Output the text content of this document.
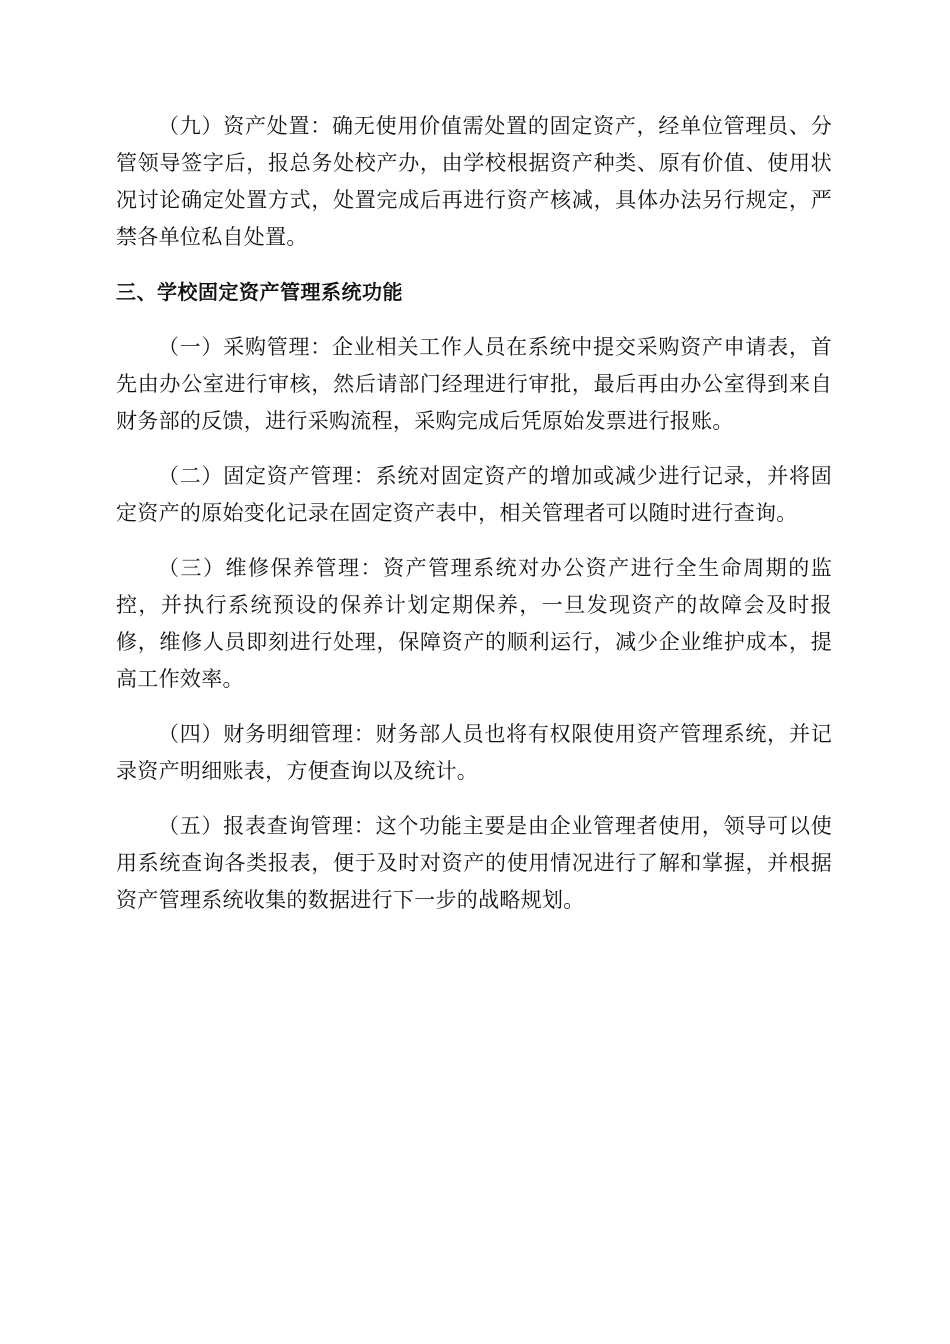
（九）资产处置：确无使用价值需处置的固定资产，经单位管理员、分管领导签字后，报总务处校产办，由学校根据资产种类、原有价值、使用状况讨论确定处置方式，处置完成后再进行资产核减，具体办法另行规定，严禁各单位私自处置。

三、学校固定资产管理系统功能

（一）采购管理：企业相关工作人员在系统中提交采购资产申请表，首先由办公室进行审核，然后请部门经理进行审批，最后再由办公室得到来自财务部的反馈，进行采购流程，采购完成后凭原始发票进行报账。

（二）固定资产管理：系统对固定资产的增加或减少进行记录，并将固定资产的原始变化记录在固定资产表中，相关管理者可以随时进行查询。

（三）维修保养管理：资产管理系统对办公资产进行全生命周期的监控，并执行系统预设的保养计划定期保养，一旦发现资产的故障会及时报修，维修人员即刻进行处理，保障资产的顺利运行，减少企业维护成本，提高工作效率。

（四）财务明细管理：财务部人员也将有权限使用资产管理系统，并记录资产明细账表，方便查询以及统计。

（五）报表查询管理：这个功能主要是由企业管理者使用，领导可以使用系统查询各类报表，便于及时对资产的使用情况进行了解和掌握，并根据资产管理系统收集的数据进行下一步的战略规划。
